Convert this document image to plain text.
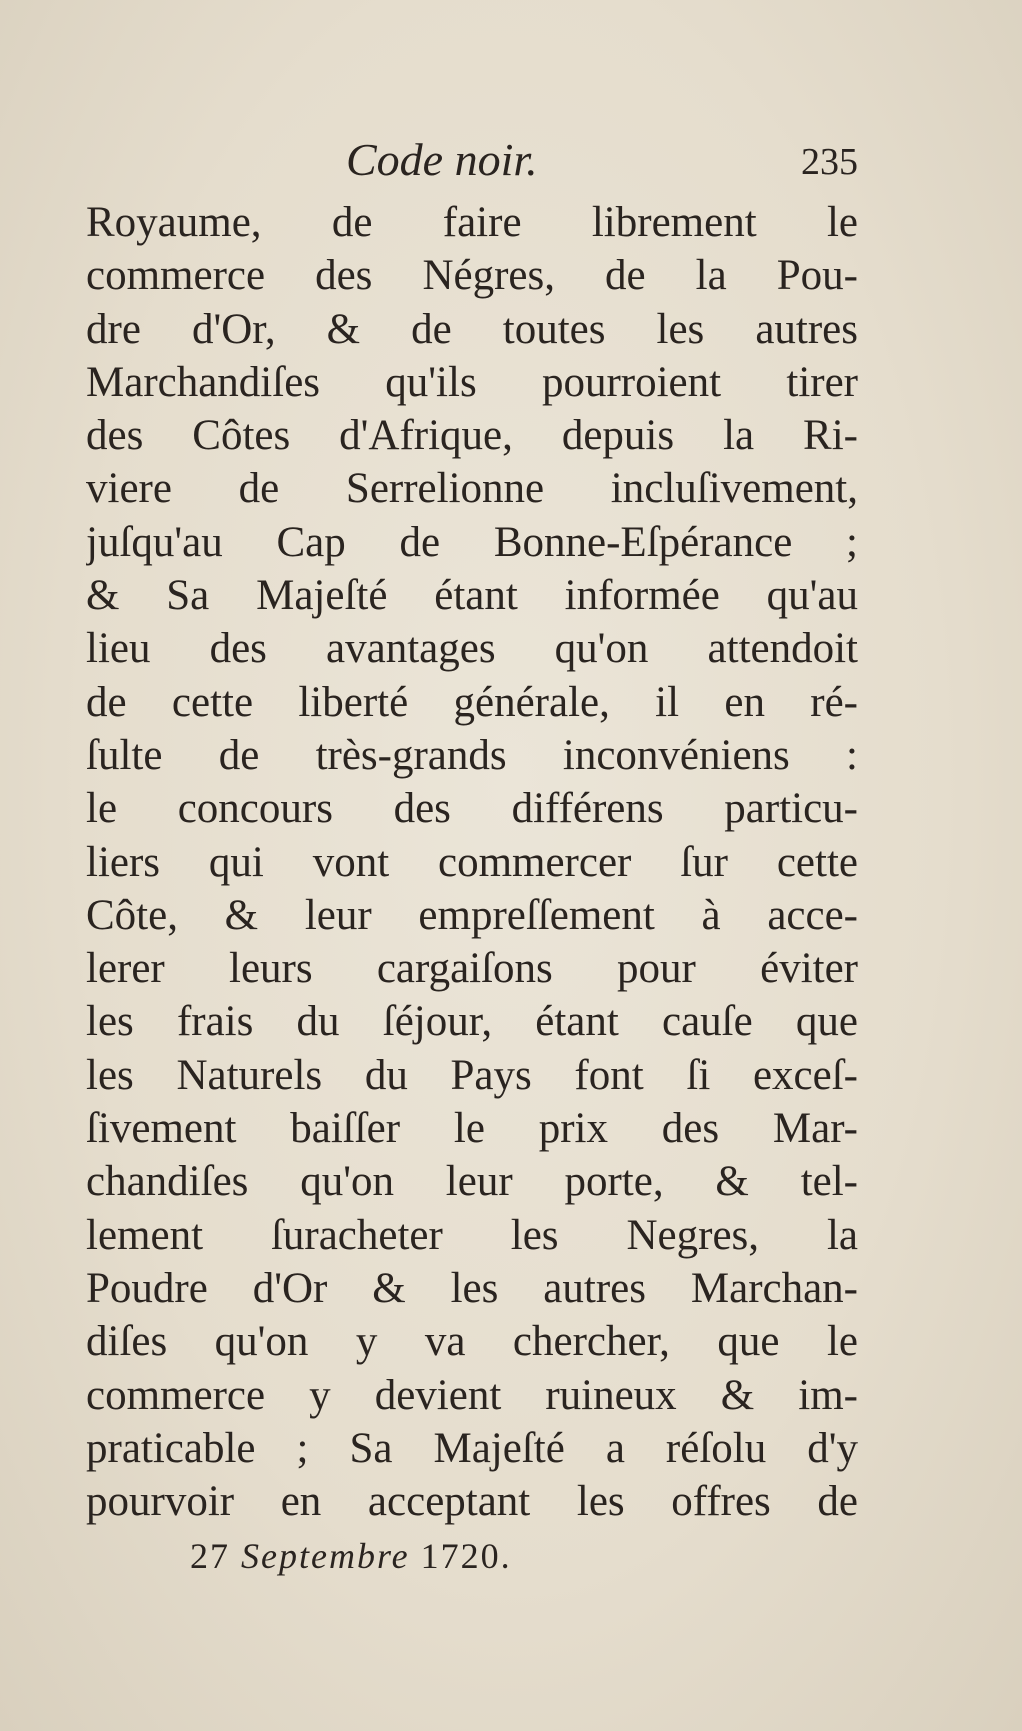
Code noir.	235
Royaume, de faire librement le
commerce des Négres, de la Pou-
dre d'Or, & de toutes les autres
Marchandiſes qu'ils pourroient tirer
des Côtes d'Afrique, depuis la Ri-
viere de Serrelionne incluſivement,
juſqu'au Cap de Bonne-Eſpérance ;
& Sa Majeſté étant informée qu'au
lieu des avantages qu'on attendoit
de cette liberté générale, il en ré-
ſulte de très-grands inconvéniens :
le concours des différens particu-
liers qui vont commercer ſur cette
Côte, & leur empreſſement à acce-
lerer leurs cargaiſons pour éviter
les frais du ſéjour, étant cauſe que
les Naturels du Pays font ſi exceſ-
ſivement baiſſer le prix des Mar-
chandiſes qu'on leur porte, & tel-
lement ſuracheter les Negres, la
Poudre d'Or & les autres Marchan-
diſes qu'on y va chercher, que le
commerce y devient ruineux & im-
praticable ; Sa Majeſté a réſolu d'y
pourvoir en acceptant les offres de
27 Septembre 1720.
